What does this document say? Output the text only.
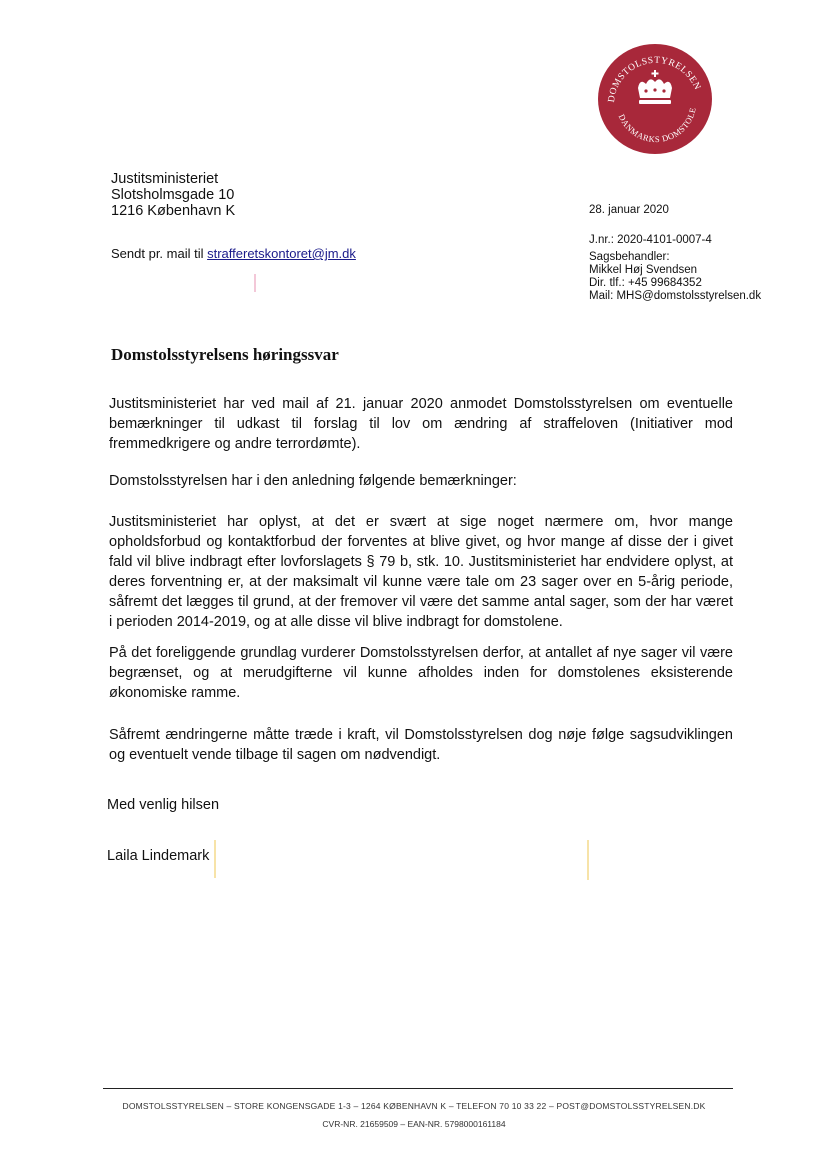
DOMSTOLSSTYRELSEN
DANMARKS DOMSTOLE
Justitsministeriet
Slotsholmsgade 10
1216 København K
Sendt pr. mail til strafferetskontoret@jm.dk
28. januar 2020
J.nr.: 2020-4101-0007-4
Sagsbehandler:
Mikkel Høj Svendsen
Dir. tlf.: +45 99684352
Mail: MHS@domstolsstyrelsen.dk
Domstolsstyrelsens høringssvar
Justitsministeriet har ved mail af 21. januar 2020 anmodet Domstolsstyrelsen om eventuelle bemærkninger til udkast til forslag til lov om ændring af straffeloven (Initiativer mod fremmedkrigere og andre terrordømte).
Domstolsstyrelsen har i den anledning følgende bemærkninger:
Justitsministeriet har oplyst, at det er svært at sige noget nærmere om, hvor mange opholdsforbud og kontaktforbud der forventes at blive givet, og hvor mange af disse der i givet fald vil blive indbragt efter lovforslagets § 79 b, stk. 10. Justitsministeriet har endvidere oplyst, at deres forventning er, at der maksimalt vil kunne være tale om 23 sager over en 5-årig periode, såfremt det lægges til grund, at der fremover vil være det samme antal sager, som der har været i perioden 2014-2019, og at alle disse vil blive indbragt for domstolene.
På det foreliggende grundlag vurderer Domstolsstyrelsen derfor, at antallet af nye sager vil være begrænset, og at merudgifterne vil kunne afholdes inden for domstolenes eksisterende økonomiske ramme.
Såfremt ændringerne måtte træde i kraft, vil Domstolsstyrelsen dog nøje følge sagsudviklingen og eventuelt vende tilbage til sagen om nødvendigt.
Med venlig hilsen
Laila Lindemark
DOMSTOLSSTYRELSEN – STORE KONGENSGADE 1-3 – 1264 KØBENHAVN K – TELEFON 70 10 33 22 – POST@DOMSTOLSSTYRELSEN.DK
CVR-NR. 21659509 – EAN-NR. 5798000161184
